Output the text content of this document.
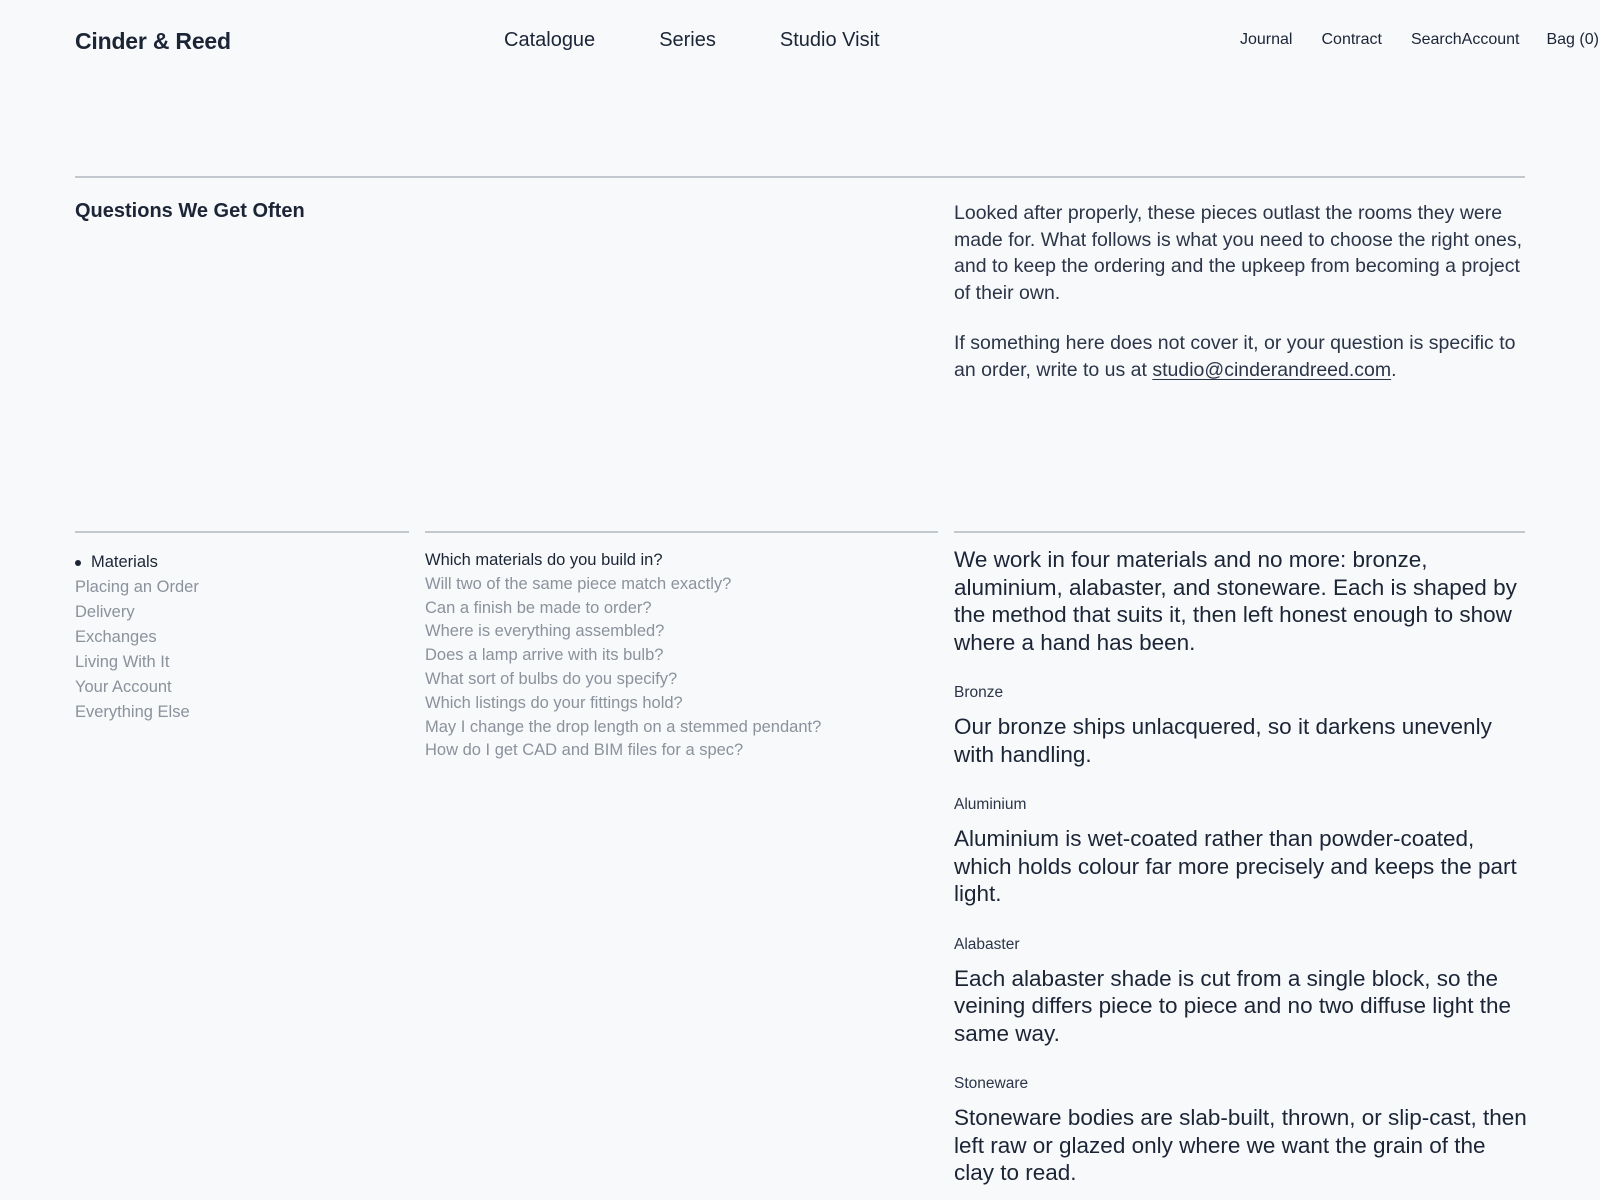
Cinder & Reed	Catalogue	Series	Studio Visit	Journal Contract Search Account Bag (0)
Questions We Get Often	Looked after properly, these pieces outlast the rooms they were made for. What follows is what you need to choose the right ones, and to keep the ordering and the upkeep from becoming a project of their own.

If something here does not cover it, or your question is specific to an order, write to us at studio@cinderandreed.com.

Materials
Placing an Order
Delivery
Exchanges
Living With It
Your Account
Everything Else
Which materials do you build in?
Will two of the same piece match exactly?
Can a finish be made to order?
Where is everything assembled?
Does a lamp arrive with its bulb?
What sort of bulbs do you specify?
Which listings do your fittings hold?
May I change the drop length on a stemmed pendant?
How do I get CAD and BIM files for a spec?

We work in four materials and no more: bronze, aluminium, alabaster, and stoneware. Each is shaped by the method that suits it, then left honest enough to show where a hand has been.

Bronze

Our bronze ships unlacquered, so it darkens unevenly with handling.

Aluminium

Aluminium is wet-coated rather than powder-coated, which holds colour far more precisely and keeps the part light.

Alabaster

Each alabaster shade is cut from a single block, so the veining differs piece to piece and no two diffuse light the same way.

Stoneware

Stoneware bodies are slab-built, thrown, or slip-cast, then left raw or glazed only where we want the grain of the clay to read.
